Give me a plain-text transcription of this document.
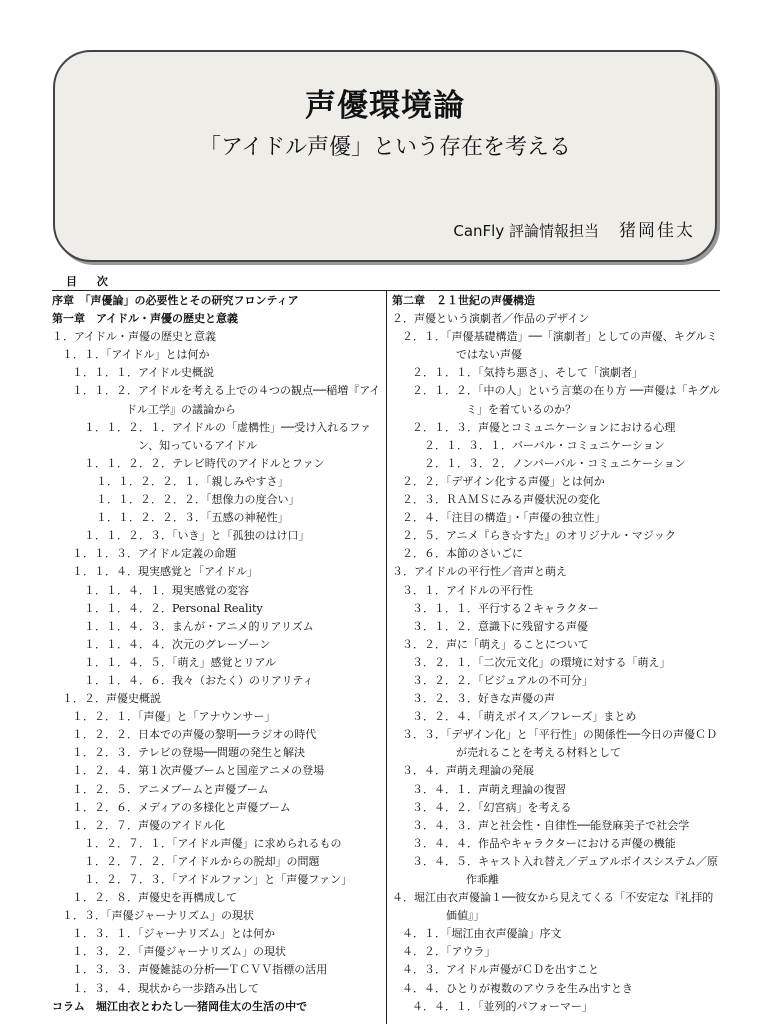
声優環境論
「アイドル声優」という存在を考える
CanFly 評論情報担当 猪岡佳太
目 次
序章　「声優論」の必要性とその研究フロンティア
第一章　アイドル・声優の歴史と意義
１．アイドル・声優の歴史と意義
１．１．「アイドル」とは何か
１．１．１．アイドル史概説
１．１．２．アイドルを考える上での４つの観点──稲増『アイドル工学』の議論から
１．１．２．１．アイドルの「虚構性」──受け入れるファン、知っているアイドル
１．１．２．２．テレビ時代のアイドルとファン
１．１．２．２．１．「親しみやすさ」
１．１．２．２．２．「想像力の度合い」
１．１．２．２．３．「五感の神秘性」
１．１．２．３．「いき」と「孤独のはけ口」
１．１．３．アイドル定義の命題
１．１．４．現実感覚と「アイドル」
１．１．４．１．現実感覚の変容
１．１．４．２．Personal Reality
１．１．４．３．まんが・アニメ的リアリズム
１．１．４．４．次元のグレーゾーン
１．１．４．５．「萌え」感覚とリアル
１．１．４．６．我々（おたく）のリアリティ
１．２．声優史概説
１．２．１．「声優」と「アナウンサー」
１．２．２．日本での声優の黎明──ラジオの時代
１．２．３．テレビの登場──問題の発生と解決
１．２．４．第１次声優ブームと国産アニメの登場
１．２．５．アニメブームと声優ブーム
１．２．６．メディアの多様化と声優ブーム
１．２．７．声優のアイドル化
１．２．７．１．「アイドル声優」に求められるもの
１．２．７．２．「アイドルからの脱却」の問題
１．２．７．３．「アイドルファン」と「声優ファン」
１．２．８．声優史を再構成して
１．３．「声優ジャーナリズム」の現状
１．３．１．「ジャーナリズム」とは何か
１．３．２．「声優ジャーナリズム」の現状
１．３．３．声優雑誌の分析──ＴＣＶＶ指標の活用
１．３．４．現状から一歩踏み出して
コラム　堀江由衣とわたし──猪岡佳太の生活の中で
第二章　２１世紀の声優構造
２．声優という演劇者／作品のデザイン
２．１．「声優基礎構造」──「演劇者」としての声優、キグルミではない声優
２．１．１．「気持ち悪さ」、そして「演劇者」
２．１．２．「中の人」という言葉の在り方 ──声優は「キグルミ」を着ているのか？
２．１．３．声優とコミュニケーションにおける心理
２．１．３．１．バーバル・コミュニケーション
２．１．３．２．ノンバーバル・コミュニケーション
２．２．「デザイン化する声優」とは何か
２．３．ＲＡＭＳにみる声優状況の変化
２．４．「注目の構造」・「声優の独立性」
２．５．アニメ『らき☆すた』のオリジナル・マジック
２．６．本節のさいごに
３．アイドルの平行性／音声と萌え
３．１．アイドルの平行性
３．１．１．平行する２キャラクター
３．１．２．意識下に残留する声優
３．２．声に「萌え」ることについて
３．２．１．「二次元文化」の環境に対する「萌え」
３．２．２．「ビジュアルの不可分」
３．２．３．好きな声優の声
３．２．４．「萌えボイス／フレーズ」まとめ
３．３．「デザイン化」と「平行性」の関係性──今日の声優ＣＤが売れることを考える材料として
３．４．声萌え理論の発展
３．４．１．声萌え理論の復習
３．４．２．「幻宮病」を考える
３．４．３．声と社会性・自律性──能登麻美子で社会学
３．４．４．作品やキャラクターにおける声優の機能
３．４．５．キャスト入れ替え／デュアルボイスシステム／原作乖離
４．堀江由衣声優論１──彼女から見えてくる「不安定な『礼拝的価値』」
４．１．「堀江由衣声優論」序文
４．２．「アウラ」
４．３．アイドル声優がＣＤを出すこと
４．４．ひとりが複数のアウラを生み出すとき
４．４．１．「並列的パフォーマー」
